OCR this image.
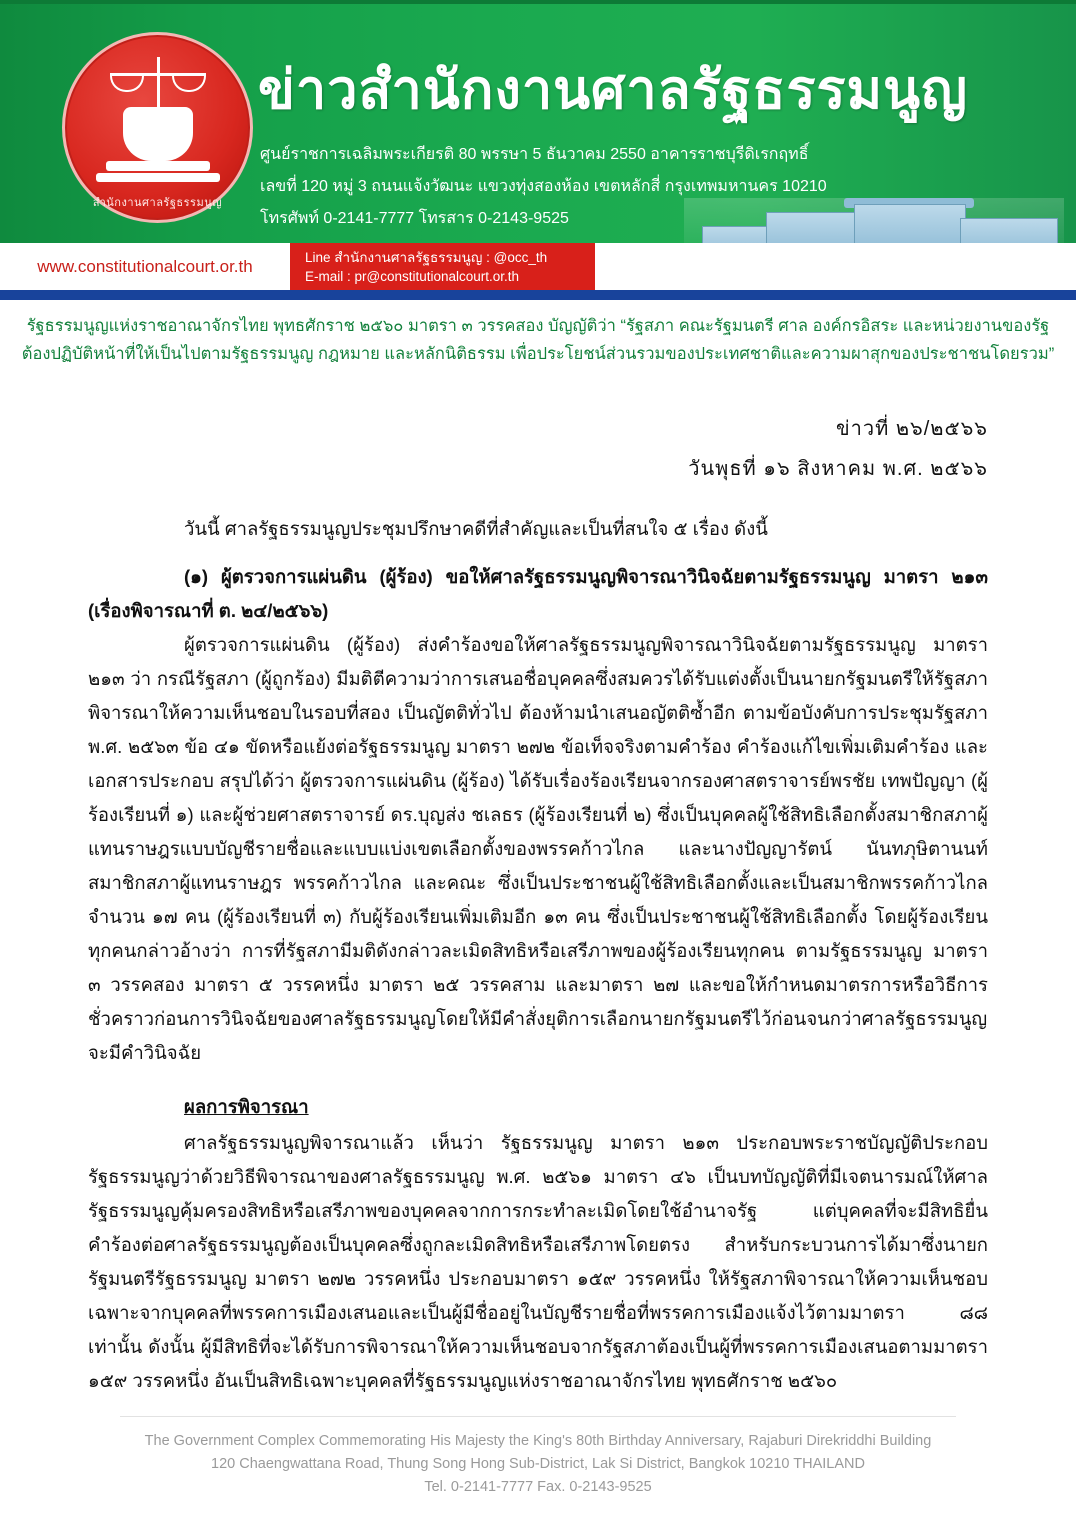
สำนักงานศาลรัฐธรรมนูญ
ข่าวสำนักงานศาลรัฐธรรมนูญ
ศูนย์ราชการเฉลิมพระเกียรติ 80 พรรษา 5 ธันวาคม 2550 อาคารราชบุรีดิเรกฤทธิ์
เลขที่ 120 หมู่ 3 ถนนแจ้งวัฒนะ แขวงทุ่งสองห้อง เขตหลักสี่ กรุงเทพมหานคร 10210
โทรศัพท์ 0-2141-7777 โทรสาร 0-2143-9525
www.constitutionalcourt.or.th	Line สำนักงานศาลรัฐธรรมนูญ : @occ_th
E-mail : pr@constitutionalcourt.or.th
รัฐธรรมนูญแห่งราชอาณาจักรไทย พุทธศักราช ๒๕๖๐ มาตรา ๓ วรรคสอง บัญญัติว่า “รัฐสภา คณะรัฐมนตรี ศาล องค์กรอิสระ และหน่วยงานของรัฐ
ต้องปฏิบัติหน้าที่ให้เป็นไปตามรัฐธรรมนูญ กฎหมาย และหลักนิติธรรม เพื่อประโยชน์ส่วนรวมของประเทศชาติและความผาสุกของประชาชนโดยรวม”
ข่าวที่ ๒๖/๒๕๖๖
วันพุธที่ ๑๖ สิงหาคม พ.ศ. ๒๕๖๖
วันนี้ ศาลรัฐธรรมนูญประชุมปรึกษาคดีที่สำคัญและเป็นที่สนใจ ๕ เรื่อง ดังนี้
(๑) ผู้ตรวจการแผ่นดิน (ผู้ร้อง) ขอให้ศาลรัฐธรรมนูญพิจารณาวินิจฉัยตามรัฐธรรมนูญ มาตรา ๒๑๓ (เรื่องพิจารณาที่ ต. ๒๔/๒๕๖๖)
ผู้ตรวจการแผ่นดิน (ผู้ร้อง) ส่งคำร้องขอให้ศาลรัฐธรรมนูญพิจารณาวินิจฉัยตามรัฐธรรมนูญ มาตรา ๒๑๓ ว่า กรณีรัฐสภา (ผู้ถูกร้อง) มีมติตีความว่าการเสนอชื่อบุคคลซึ่งสมควรได้รับแต่งตั้งเป็นนายกรัฐมนตรีให้รัฐสภาพิจารณาให้ความเห็นชอบในรอบที่สอง เป็นญัตติทั่วไป ต้องห้ามนำเสนอญัตติซ้ำอีก ตามข้อบังคับการประชุมรัฐสภา พ.ศ. ๒๕๖๓ ข้อ ๔๑ ขัดหรือแย้งต่อรัฐธรรมนูญ มาตรา ๒๗๒ ข้อเท็จจริงตามคำร้อง คำร้องแก้ไขเพิ่มเติมคำร้อง และเอกสารประกอบ สรุปได้ว่า ผู้ตรวจการแผ่นดิน (ผู้ร้อง) ได้รับเรื่องร้องเรียนจากรองศาสตราจารย์พรชัย เทพปัญญา (ผู้ร้องเรียนที่ ๑) และผู้ช่วยศาสตราจารย์ ดร.บุญส่ง ชเลธร (ผู้ร้องเรียนที่ ๒) ซึ่งเป็นบุคคลผู้ใช้สิทธิเลือกตั้งสมาชิกสภาผู้แทนราษฎรแบบบัญชีรายชื่อและแบบแบ่งเขตเลือกตั้งของพรรคก้าวไกล และนางปัญญารัตน์ นันทภุษิตานนท์ สมาชิกสภาผู้แทนราษฎร พรรคก้าวไกล และคณะ ซึ่งเป็นประชาชนผู้ใช้สิทธิเลือกตั้งและเป็นสมาชิกพรรคก้าวไกล จำนวน ๑๗ คน (ผู้ร้องเรียนที่ ๓) กับผู้ร้องเรียนเพิ่มเติมอีก ๑๓ คน ซึ่งเป็นประชาชนผู้ใช้สิทธิเลือกตั้ง โดยผู้ร้องเรียนทุกคนกล่าวอ้างว่า การที่รัฐสภามีมติดังกล่าวละเมิดสิทธิหรือเสรีภาพของผู้ร้องเรียนทุกคน ตามรัฐธรรมนูญ มาตรา ๓ วรรคสอง มาตรา ๕ วรรคหนึ่ง มาตรา ๒๕ วรรคสาม และมาตรา ๒๗ และขอให้กำหนดมาตรการหรือวิธีการชั่วคราวก่อนการวินิจฉัยของศาลรัฐธรรมนูญโดยให้มีคำสั่งยุติการเลือกนายกรัฐมนตรีไว้ก่อนจนกว่าศาลรัฐธรรมนูญจะมีคำวินิจฉัย
ผลการพิจารณา
ศาลรัฐธรรมนูญพิจารณาแล้ว เห็นว่า รัฐธรรมนูญ มาตรา ๒๑๓ ประกอบพระราชบัญญัติประกอบรัฐธรรมนูญว่าด้วยวิธีพิจารณาของศาลรัฐธรรมนูญ พ.ศ. ๒๕๖๑ มาตรา ๔๖ เป็นบทบัญญัติที่มีเจตนารมณ์ให้ศาลรัฐธรรมนูญคุ้มครองสิทธิหรือเสรีภาพของบุคคลจากการกระทำละเมิดโดยใช้อำนาจรัฐ แต่บุคคลที่จะมีสิทธิยื่นคำร้องต่อศาลรัฐธรรมนูญต้องเป็นบุคคลซึ่งถูกละเมิดสิทธิหรือเสรีภาพโดยตรง สำหรับกระบวนการได้มาซึ่งนายกรัฐมนตรีรัฐธรรมนูญ มาตรา ๒๗๒ วรรคหนึ่ง ประกอบมาตรา ๑๕๙ วรรคหนึ่ง ให้รัฐสภาพิจารณาให้ความเห็นชอบเฉพาะจากบุคคลที่พรรคการเมืองเสนอและเป็นผู้มีชื่ออยู่ในบัญชีรายชื่อที่พรรคการเมืองแจ้งไว้ตามมาตรา ๘๘ เท่านั้น ดังนั้น ผู้มีสิทธิที่จะได้รับการพิจารณาให้ความเห็นชอบจากรัฐสภาต้องเป็นผู้ที่พรรคการเมืองเสนอตามมาตรา ๑๕๙ วรรคหนึ่ง อันเป็นสิทธิเฉพาะบุคคลที่รัฐธรรมนูญแห่งราชอาณาจักรไทย พุทธศักราช ๒๕๖๐
The Government Complex Commemorating His Majesty the King's 80th Birthday Anniversary, Rajaburi Direkriddhi Building
120 Chaengwattana Road, Thung Song Hong Sub-District, Lak Si District, Bangkok 10210 THAILAND
Tel. 0-2141-7777 Fax. 0-2143-9525
